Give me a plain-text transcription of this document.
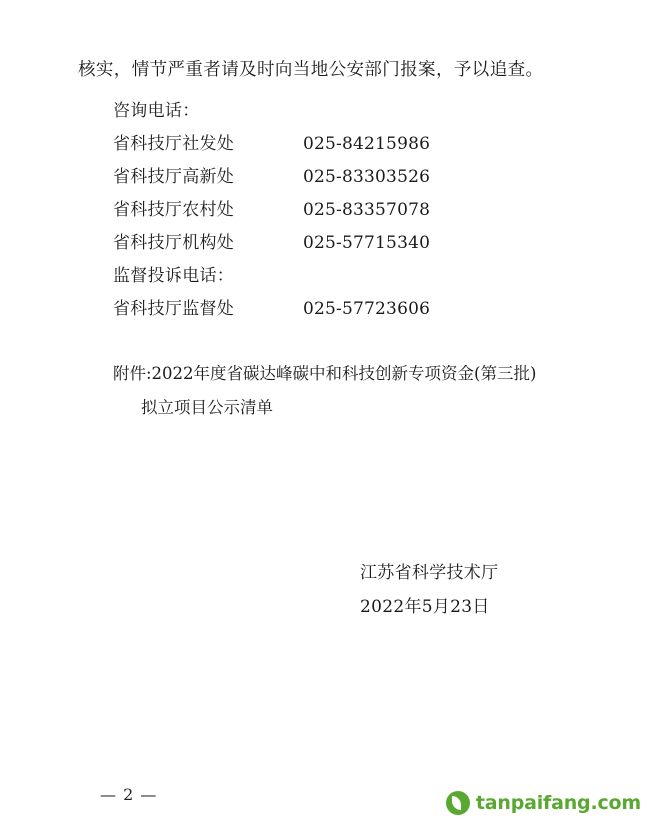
核实，情节严重者请及时向当地公安部门报案，予以追查。
咨询电话：
省科技厅社发处	025-84215986
省科技厅高新处	025-83303526
省科技厅农村处	025-83357078
省科技厅机构处	025-57715340
监督投诉电话：
省科技厅监督处	025-57723606
附件:2022年度省碳达峰碳中和科技创新专项资金(第三批)
拟立项目公示清单
江苏省科学技术厅
2022年5月23日
— 2 —	tanpaifang.com
